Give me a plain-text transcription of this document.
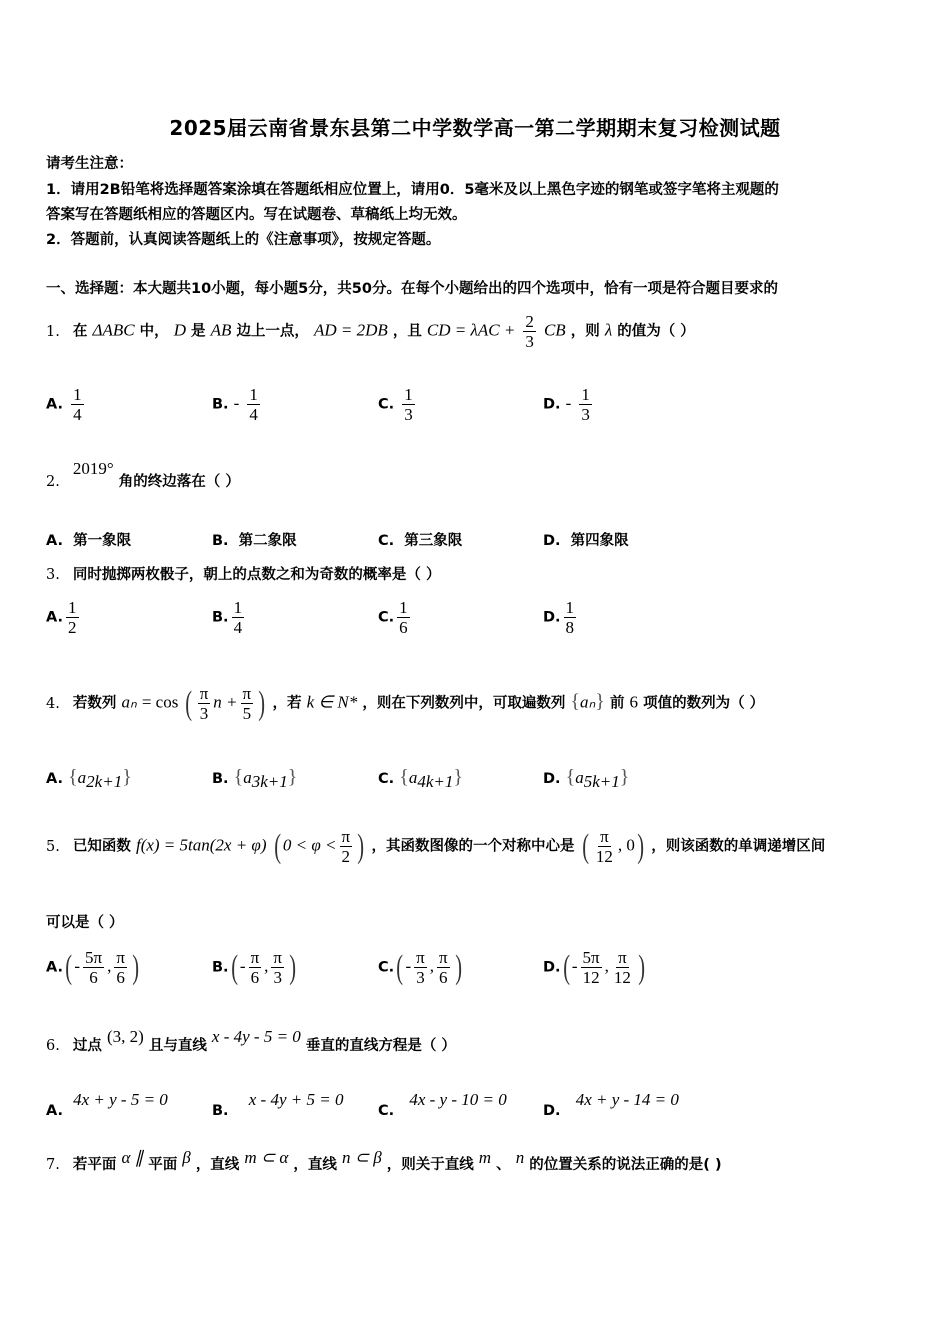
2025届云南省景东县第二中学数学高一第二学期期末复习检测试题
请考生注意：
1．请用2B铅笔将选择题答案涂填在答题纸相应位置上，请用0．5毫米及以上黑色字迹的钢笔或签字笔将主观题的
答案写在答题纸相应的答题区内。写在试题卷、草稿纸上均无效。
2．答题前，认真阅读答题纸上的《注意事项》，按规定答题。
一、选择题：本大题共10小题，每小题5分，共50分。在每个小题给出的四个选项中，恰有一项是符合题目要求的
1. 在 ΔABC 中， D 是 AB 边上一点， AD = 2DB ，且 CD = $\lambda AC + \frac{2}{3}$ CB ，则 λ 的值为（ ）
A. $\frac{1}{4}$	B. - $\frac{1}{4}$	C. $\frac{1}{3}$	D. - $\frac{1}{3}$
2. 2019° 角的终边落在（ ）
A. 第一象限	B. 第二象限	C. 第三象限	D. 第四象限
3. 同时抛掷两枚骰子，朝上的点数之和为奇数的概率是（ ）
A. $\frac{1}{2}$	B. $\frac{1}{4}$	C. $\frac{1}{6}$	D. $\frac{1}{8}$
4. 若数列 aₙ = cos ( $\frac{\pi}{3}$ $n + \frac{\pi}{5}$ ) ，若 k ∈ N* ，则在下列数列中，可取遍数列 {aₙ} 前 6 项值的数列为（ ）
A. $\{a_{2k+1}\}$	B. $\{a_{3k+1}\}$	C. $\{a_{4k+1}\}$	D. $\{a_{5k+1}\}$
5. 已知函数 f(x) = 5tan(2x + φ) ( $0 < \varphi < \frac{\pi}{2}$ ) ，其函数图像的一个对称中心是 ( $\frac{\pi}{12}$ , 0) ，则该函数的单调递增区间
可以是（ ）
$A.( - \frac{5\pi}{6}$ , $\frac{\pi}{6}$ )	$B.( - \frac{\pi}{6}$ , $\frac{\pi}{3}$ )	$C.( - \frac{\pi}{3}$ , $\frac{\pi}{6}$ )	$D.( - \frac{5\pi}{12}$ , $\frac{\pi}{12}$ )
6. 过点 (3, 2) 且与直线 x - 4y - 5 = 0 垂直的直线方程是（ ）
A.  4x + y - 5 = 0
B.    x - 4y + 5 = 0
C.   4x - y - 10 = 0
D.   4x + y - 14 = 0
7. 若平面 α ∥ 平面 β ，直线 m ⊂ α ，直线 n ⊂ β ，则关于直线 m 、 n 的位置关系的说法正确的是( )
